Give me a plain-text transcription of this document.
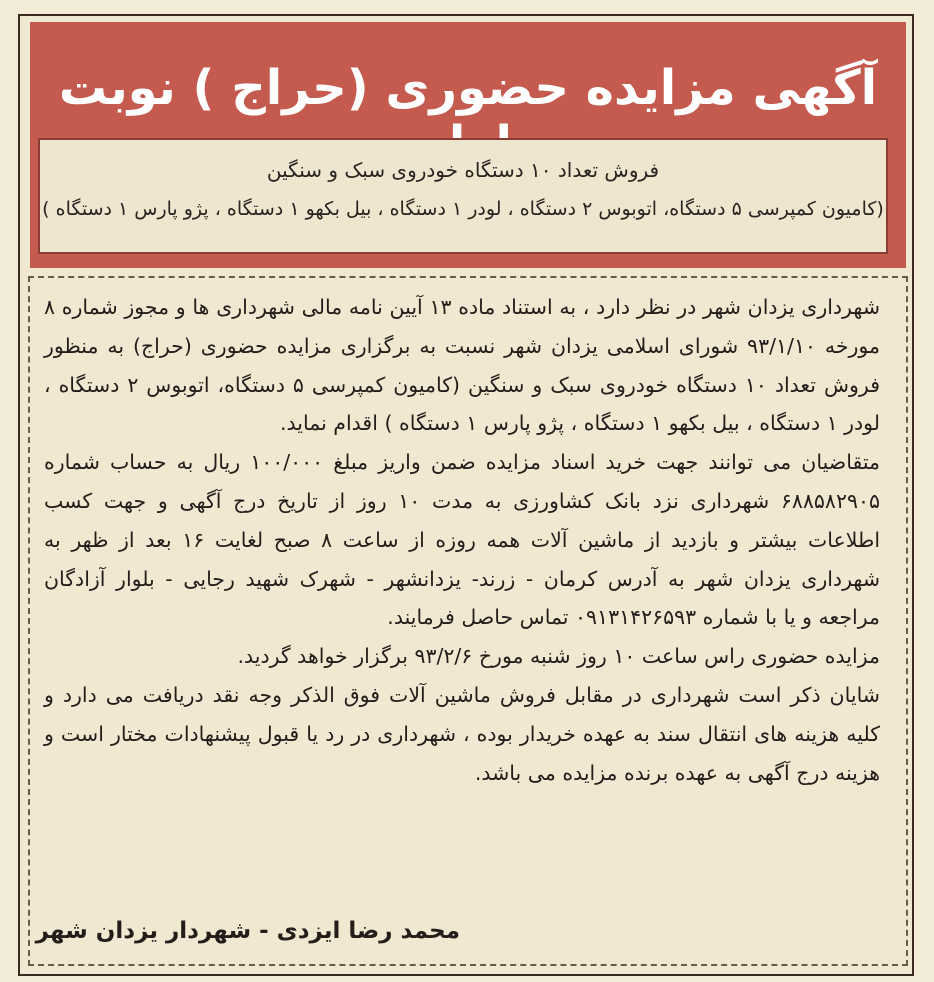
آگهی مزایده حضوری (حراج ) نوبت
فروش تعداد ۱۰ دستگاه خودروی سبک و سنگین
(کامیون کمپرسی ۵ دستگاه، اتوبوس ۲ دستگاه ، لودر ۱ دستگاه ، بیل بکهو ۱ دستگاه ، پژو پارس ۱ دستگاه )

شهرداری یزدان شهر در نظر دارد ، به استناد ماده ۱۳ آیین نامه مالی شهرداری ها و مجوز شماره ۸ مورخه ۹۳/۱/۱۰ شورای اسلامی یزدان شهر نسبت به برگزاری مزایده حضوری (حراج) به منظور فروش تعداد ۱۰ دستگاه خودروی سبک و سنگین (کامیون کمپرسی ۵ دستگاه، اتوبوس ۲ دستگاه ، لودر ۱ دستگاه ، بیل بکهو ۱ دستگاه ، پژو پارس ۱ دستگاه ) اقدام نماید.

متقاضیان می توانند جهت خرید اسناد مزایده ضمن واریز مبلغ ۱۰۰/۰۰۰ ریال به حساب شماره ۶۸۸۵۸۲۹۰۵ شهرداری نزد بانک کشاورزی به مدت ۱۰ روز از تاریخ درج آگهی و جهت کسب اطلاعات بیشتر و بازدید از ماشین آلات همه روزه از ساعت ۸ صبح لغایت ۱۶ بعد از ظهر به شهرداری یزدان شهر به آدرس کرمان - زرند- یزدانشهر - شهرک شهید رجایی - بلوار آزادگان مراجعه و یا با شماره ۰۹۱۳۱۴۲۶۵۹۳ تماس حاصل فرمایند.

مزایده حضوری راس ساعت ۱۰ روز شنبه مورخ ۹۳/۲/۶ برگزار خواهد گردید.

شایان ذکر است شهرداری در مقابل فروش ماشین آلات فوق الذکر وجه نقد دریافت می دارد و کلیه هزینه های انتقال سند به عهده خریدار بوده ، شهرداری در رد یا قبول پیشنهادات مختار است و هزینه درج آگهی به عهده برنده مزایده می باشد.

محمد رضا ایزدی - شهردار یزدان شهر
